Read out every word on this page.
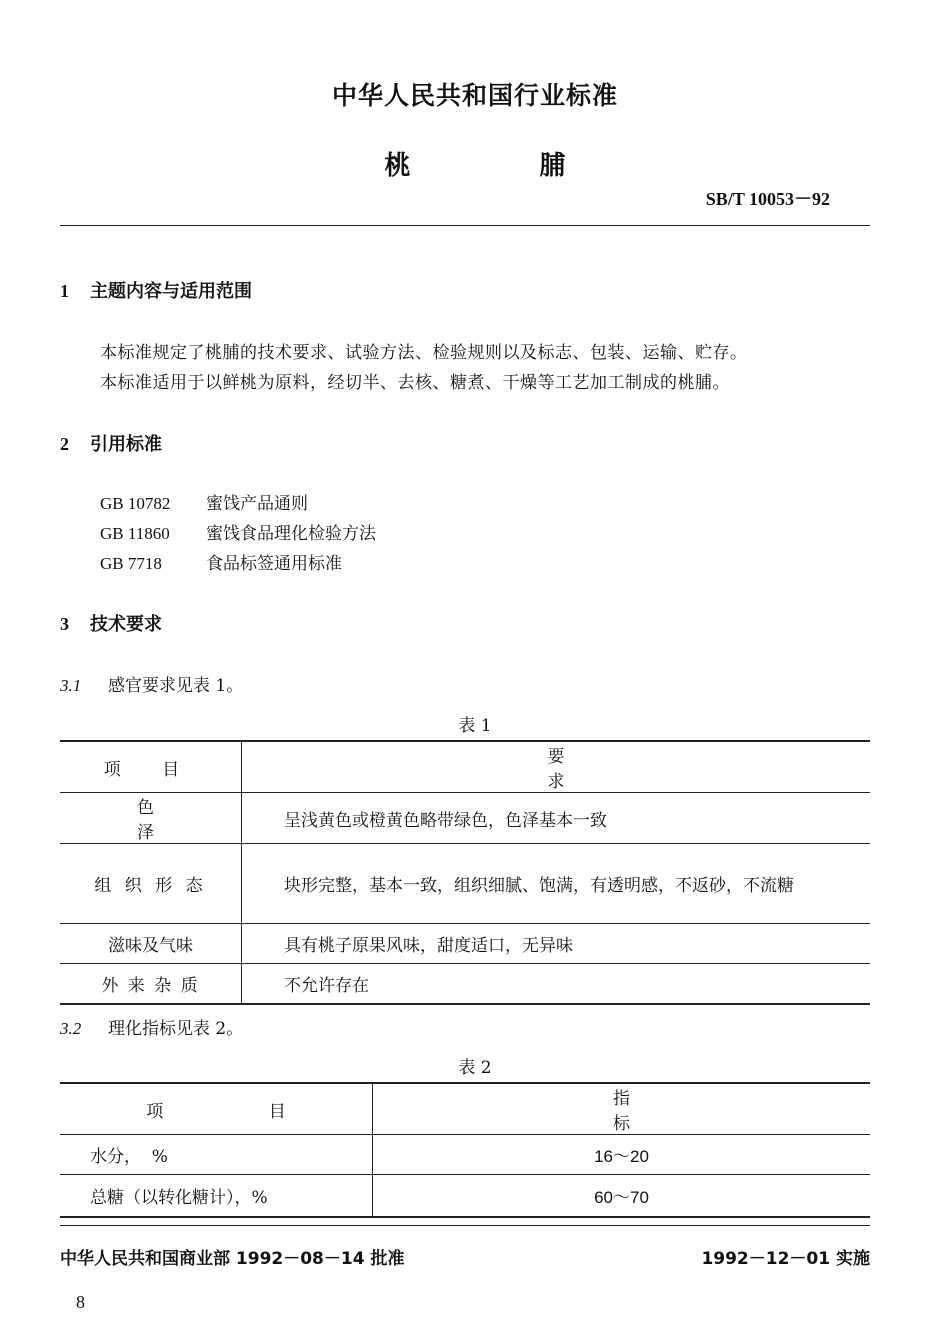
中华人民共和国行业标准
桃 脯
SB/T 10053－92
1 主题内容与适用范围
本标准规定了桃脯的技术要求、试验方法、检验规则以及标志、包装、运输、贮存。
本标准适用于以鲜桃为原料，经切半、去核、糖煮、干燥等工艺加工制成的桃脯。
2 引用标准
GB 10782 蜜饯产品通则
GB 11860 蜜饯食品理化检验方法
GB 7718	食品标签通用标准
3 技术要求
3.1 感官要求见表 1。
表 1
项 目	要 求
色 泽	呈浅黄色或橙黄色略带绿色，色泽基本一致
组 织 形 态	块形完整，基本一致，组织细腻、饱满，有透明感，不返砂，不流糖
滋味及气味	具有桃子原果风味，甜度适口，无异味
外 来 杂 质	不允许存在
3.2 理化指标见表 2。
表 2
项 目	指 标
水分，  %	16～20
总糖（以转化糖计），%	60～70
中华人民共和国商业部 1992－08－14 批准	1992－12－01 实施
8
